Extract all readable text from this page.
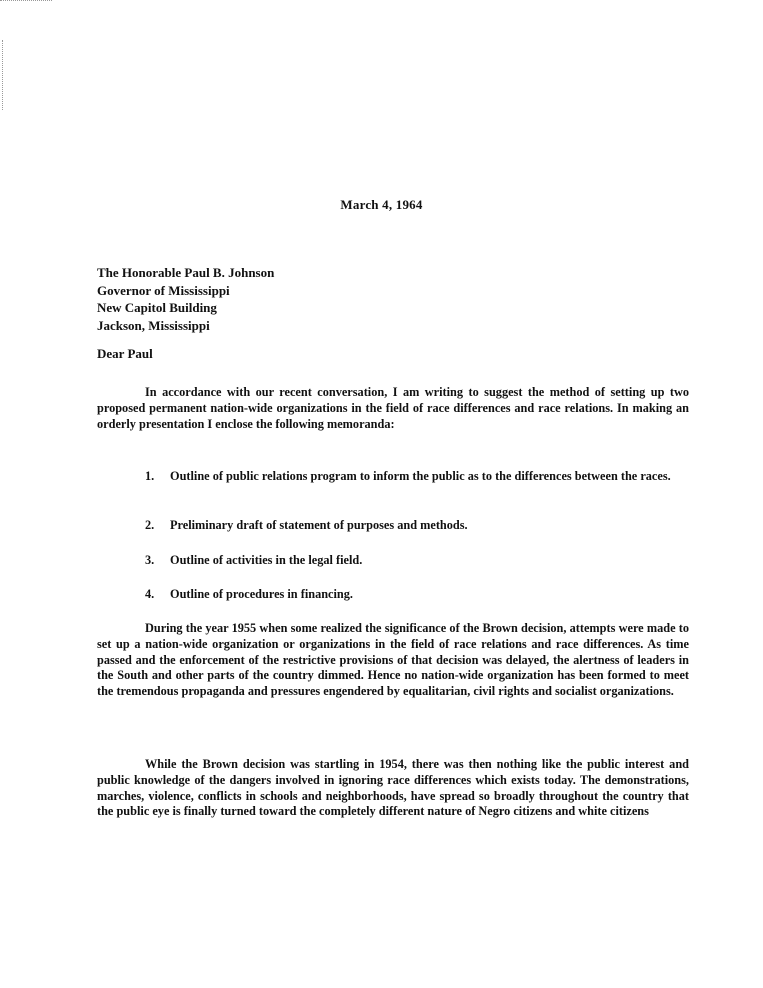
March 4, 1964
The Honorable Paul B. Johnson
Governor of Mississippi
New Capitol Building
Jackson, Mississippi
Dear Paul

In accordance with our recent conversation, I am writing to suggest the method of setting up two proposed permanent nation-wide organizations in the field of race differences and race relations. In making an orderly presentation I enclose the following memoranda:

1.	Outline of public relations program to inform the public as to the differences between the races.
2.	Preliminary draft of statement of purposes and methods.
3.	Outline of activities in the legal field.
4.	Outline of procedures in financing.

During the year 1955 when some realized the significance of the Brown decision, attempts were made to set up a nation-wide organization or organizations in the field of race relations and race differences. As time passed and the enforcement of the restrictive provisions of that decision was delayed, the alertness of leaders in the South and other parts of the country dimmed. Hence no nation-wide organization has been formed to meet the tremendous propaganda and pressures engendered by equalitarian, civil rights and socialist organizations.

While the Brown decision was startling in 1954, there was then nothing like the public interest and public knowledge of the dangers involved in ignoring race differences which exists today. The demonstrations, marches, violence, conflicts in schools and neighborhoods, have spread so broadly throughout the country that the public eye is finally turned toward the completely different nature of Negro citizens and white citizens
